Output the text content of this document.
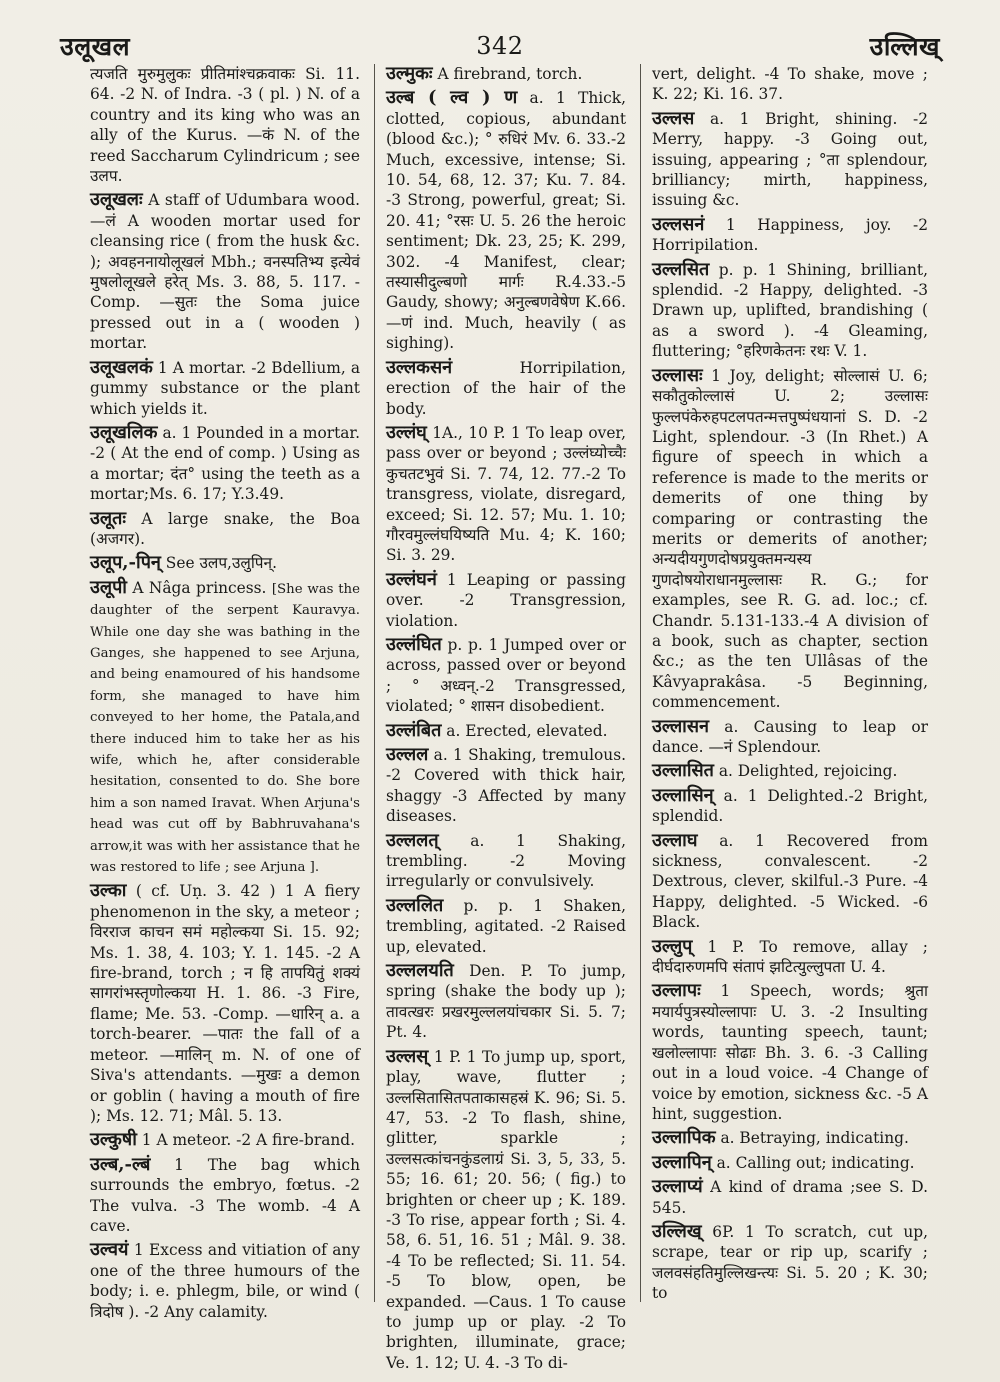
उलूखल	342	उल्लिख्

त्यजति मुरुमुलुकः प्रीतिमांश्चक्रवाकः Si. 11. 64. -2 N. of Indra. -3 ( pl. ) N. of a country and its king who was an ally of the Kurus. —कं N. of the reed Saccharum Cylindricum ; see उलप.

उलूखलः A staff of Udumbara wood. —लं A wooden mortar used for cleansing rice ( from the husk &c. ); अवहननायोलूखलं Mbh.; वनस्पतिभ्य इत्येवं मुषलोलूखले हरेत् Ms. 3. 88, 5. 117. -Comp. —सुतः the Soma juice pressed out in a ( wooden ) mortar.

उलूखलकं 1 A mortar. -2 Bdellium, a gummy substance or the plant which yields it.

उलूखलिक a. 1 Pounded in a mortar. -2 ( At the end of comp. ) Using as a mortar; दंत° using the teeth as a mortar;Ms. 6. 17; Y.3.49.

उलूतः A large snake, the Boa (अजगर).

उलूप,-पिन् See उलप,उलुपिन्.

उलूपी A Nâga princess. [She was the daughter of the serpent Kauravya. While one day she was bathing in the Ganges, she happened to see Arjuna, and being enamoured of his handsome form, she managed to have him conveyed to her home, the Patala,and there induced him to take her as his wife, which he, after considerable hesitation, consented to do. She bore him a son named Iravat. When Arjuna's head was cut off by Babhruvahana's arrow,it was with her assistance that he was restored to life ; see Arjuna ].

उल्का ( cf. Uṇ. 3. 42 ) 1 A fiery phenomenon in the sky, a meteor ; विरराज काचन समं महोल्कया Si. 15. 92; Ms. 1. 38, 4. 103; Y. 1. 145. -2 A fire-brand, torch ; न हि तापयितुं शक्यं सागरांभस्तृणोल्कया H. 1. 86. -3 Fire, flame; Me. 53. -Comp. —धारिन् a. a torch-bearer. —पातः the fall of a meteor. —मालिन् m. N. of one of Siva's attendants. —मुखः a demon or goblin ( having a mouth of fire ); Ms. 12. 71; Mâl. 5. 13.

उल्कुषी 1 A meteor. -2 A fire-brand.

उल्ब,-ल्बं 1 The bag which surrounds the embryo, fœtus. -2 The vulva. -3 The womb. -4 A cave.

उल्वयं 1 Excess and vitiation of any one of the three humours of the body; i. e. phlegm, bile, or wind ( त्रिदोष ). -2 Any calamity.

उल्मुकः A firebrand, torch.

उल्ब ( ल्व ) ण a. 1 Thick, clotted, copious, abundant (blood &c.); ° रुधिरं Mv. 6. 33.-2 Much, excessive, intense; Si. 10. 54, 68, 12. 37; Ku. 7. 84. -3 Strong, powerful, great; Si. 20. 41; °रसः U. 5. 26 the heroic sentiment; Dk. 23, 25; K. 299, 302. -4 Manifest, clear; तस्यासीदुल्बणो मार्गः R.4.33.-5 Gaudy, showy; अनुल्बणवेषेण K.66. —णं ind. Much, heavily ( as sighing).

उल्लकसनं Horripilation, erection of the hair of the body.

उल्लंघ् 1A., 10 P. 1 To leap over, pass over or beyond ; उल्लंघ्योच्चैः कुचतटभुवं Si. 7. 74, 12. 77.-2 To transgress, violate, disregard, exceed; Si. 12. 57; Mu. 1. 10; गौरवमुल्लंघयिष्यति Mu. 4; K. 160; Si. 3. 29.

उल्लंघनं 1 Leaping or passing over. -2 Transgression, violation.

उल्लंघित p. p. 1 Jumped over or across, passed over or beyond ; ° अध्वन्.-2 Transgressed, violated; ° शासन disobedient.

उल्लंबित a. Erected, elevated.

उल्लल a. 1 Shaking, tremulous. -2 Covered with thick hair, shaggy -3 Affected by many diseases.

उल्ललत् a. 1 Shaking, trembling. -2 Moving irregularly or convulsively.

उल्ललित p. p. 1 Shaken, trembling, agitated. -2 Raised up, elevated.

उल्ललयति Den. P. To jump, spring (shake the body up ); तावत्खरः प्रखरमुल्ललयांचकार Si. 5. 7; Pt. 4.

उल्लस् 1 P. 1 To jump up, sport, play, wave, flutter ; उल्लसितासितपताकासहस्रं K. 96; Si. 5. 47, 53. -2 To flash, shine, glitter, sparkle ; उल्लसत्कांचनकुंडलाग्रं Si. 3, 5, 33, 5. 55; 16. 61; 20. 56; ( fig.) to brighten or cheer up ; K. 189. -3 To rise, appear forth ; Si. 4. 58, 6. 51, 16. 51 ; Mâl. 9. 38. -4 To be reflected; Si. 11. 54. -5 To blow, open, be expanded. —Caus. 1 To cause to jump up or play. -2 To brighten, illuminate, grace; Ve. 1. 12; U. 4. -3 To di-

vert, delight. -4 To shake, move ; K. 22; Ki. 16. 37.

उल्लस a. 1 Bright, shining. -2 Merry, happy. -3 Going out, issuing, appearing ; °ता splendour, brilliancy; mirth, happiness, issuing &c.

उल्लसनं 1 Happiness, joy. -2 Horripilation.

उल्लसित p. p. 1 Shining, brilliant, splendid. -2 Happy, delighted. -3 Drawn up, uplifted, brandishing ( as a sword ). -4 Gleaming, fluttering; °हरिणकेतनः रथः V. 1.

उल्लासः 1 Joy, delight; सोल्लासं U. 6; सकौतुकोल्लासं U. 2; उल्लासः फुल्लपंकेरुहपटलपतन्मत्तपुष्पंधयानां S. D. -2 Light, splendour. -3 (In Rhet.) A figure of speech in which a reference is made to the merits or demerits of one thing by comparing or contrasting the merits or demerits of another; अन्यदीयगुणदोषप्रयुक्तमन्यस्य गुणदोषयोराधानमुल्लासः R. G.; for examples, see R. G. ad. loc.; cf. Chandr. 5.131-133.-4 A division of a book, such as chapter, section &c.; as the ten Ullâsas of the Kâvyaprakâsa. -5 Beginning, commencement.

उल्लासन a. Causing to leap or dance. —नं Splendour.

उल्लासित a. Delighted, rejoicing.

उल्लासिन् a. 1 Delighted.-2 Bright, splendid.

उल्लाघ a. 1 Recovered from sickness, convalescent. -2 Dextrous, clever, skilful.-3 Pure. -4 Happy, delighted. -5 Wicked. -6 Black.

उल्लुप् 1 P. To remove, allay ; दीर्घदारुणमपि संतापं झटित्युल्लुपता U. 4.

उल्लापः 1 Speech, words; श्रुता मयार्यपुत्रस्योल्लापाः U. 3. -2 Insulting words, taunting speech, taunt; खलोल्लापाः सोढाः Bh. 3. 6. -3 Calling out in a loud voice. -4 Change of voice by emotion, sickness &c. -5 A hint, suggestion.

उल्लापिक a. Betraying, indicating.

उल्लापिन् a. Calling out; indicating.

उल्लाप्यं A kind of drama ;see S. D. 545.

उल्लिख् 6P. 1 To scratch, cut up, scrape, tear or rip up, scarify ; जलवसंहतिमुल्लिखन्त्यः Si. 5. 20 ; K. 30; to
